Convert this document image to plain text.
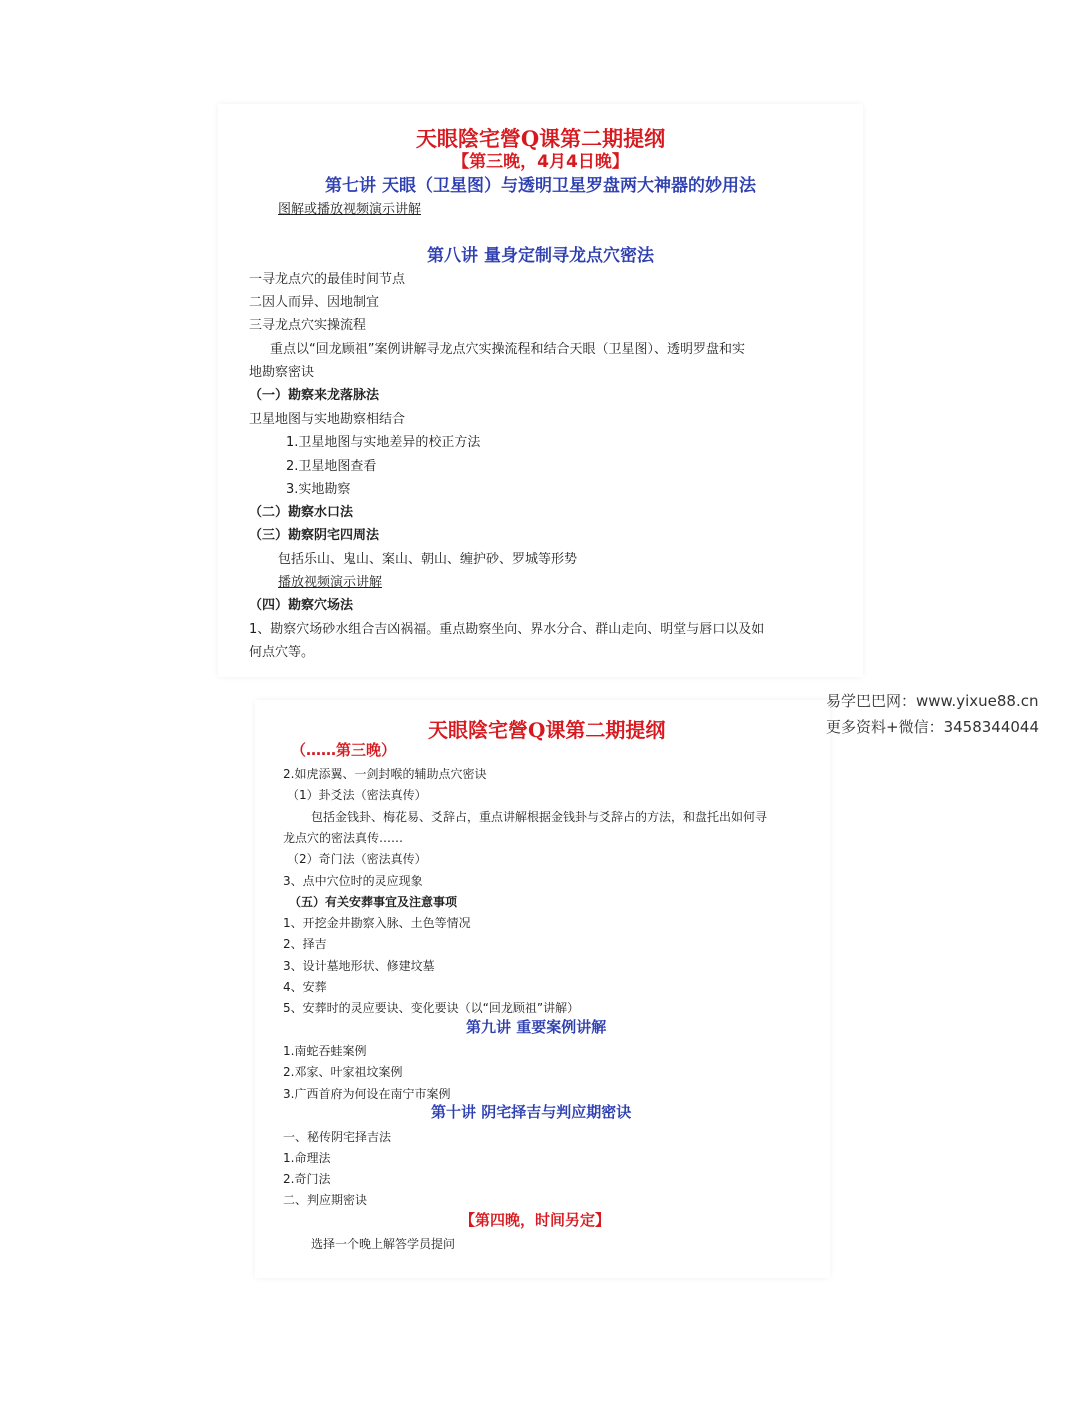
天眼陰宅營Q课第二期提纲
【第三晚，4月4日晚】
第七讲 天眼（卫星图）与透明卫星罗盘两大神器的妙用法
图解或播放视频演示讲解
第八讲 量身定制寻龙点穴密法
一寻龙点穴的最佳时间节点
二因人而异、因地制宜
三寻龙点穴实操流程
重点以“回龙顾祖”案例讲解寻龙点穴实操流程和结合天眼（卫星图）、透明罗盘和实
地勘察密诀
（一）勘察来龙落脉法
卫星地图与实地勘察相结合
1.卫星地图与实地差异的校正方法
2.卫星地图查看
3.实地勘察
（二）勘察水口法
（三）勘察阴宅四周法
包括乐山、鬼山、案山、朝山、缠护砂、罗城等形势
播放视频演示讲解
（四）勘察穴场法
1、勘察穴场砂水组合吉凶祸福。重点勘察坐向、界水分合、群山走向、明堂与唇口以及如
何点穴等。
天眼陰宅營Q课第二期提纲
（……第三晚）
2.如虎添翼、一剑封喉的辅助点穴密诀
（1）卦爻法（密法真传）
包括金钱卦、梅花易、爻辞占，重点讲解根据金钱卦与爻辞占的方法，和盘托出如何寻
龙点穴的密法真传……
（2）奇门法（密法真传）
3、点中穴位时的灵应现象
（五）有关安葬事宜及注意事项
1、开挖金井勘察入脉、土色等情况
2、择吉
3、设计墓地形状、修建坟墓
4、安葬
5、安葬时的灵应要诀、变化要诀（以“回龙顾祖”讲解）
第九讲 重要案例讲解
1.南蛇吞蛙案例
2.邓家、叶家祖坟案例
3.广西首府为何设在南宁市案例
第十讲 阴宅择吉与判应期密诀
一、秘传阴宅择吉法
1.命理法
2.奇门法
二、判应期密诀
【第四晚，时间另定】
选择一个晚上解答学员提问
易学巴巴网：www.yixue88.cn
更多资料+微信：3458344044
